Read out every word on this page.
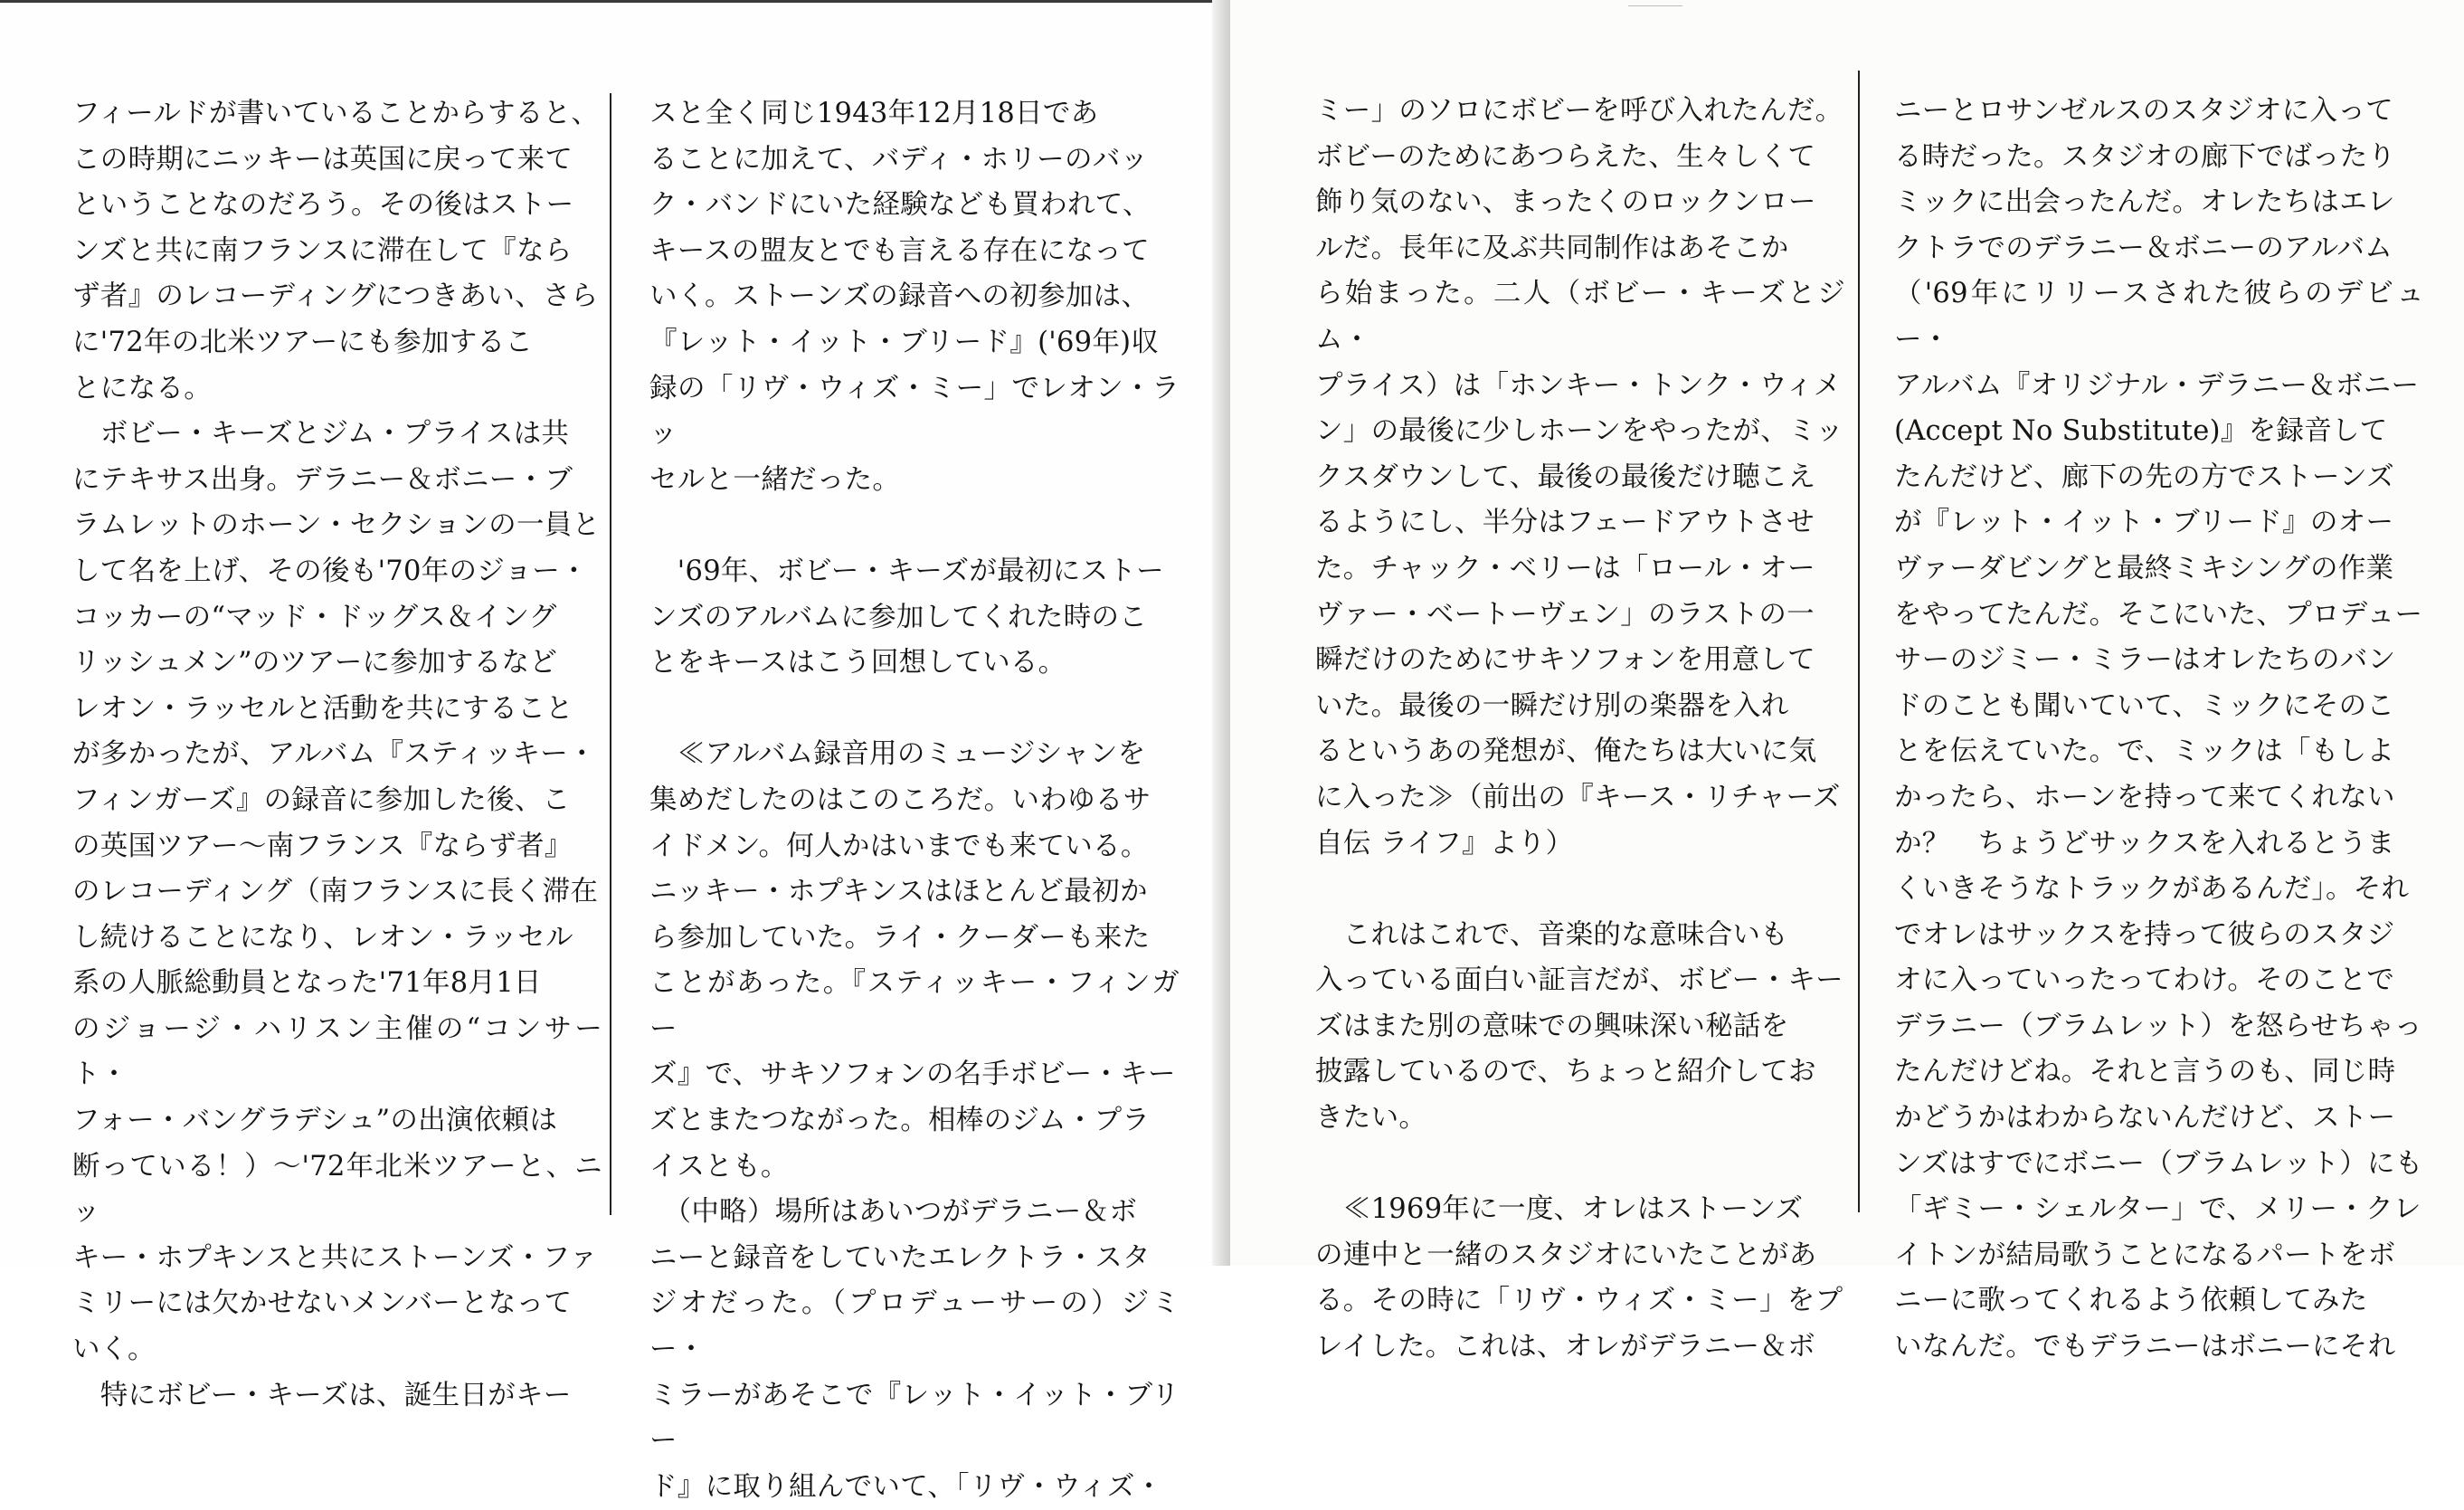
フィールドが書いていることからすると、
この時期にニッキーは英国に戻って来て
ということなのだろう。その後はストー
ンズと共に南フランスに滞在して『なら
ず者』のレコーディングにつきあい、さら
に'72年の北米ツアーにも参加するこ
とになる。

　ボビー・キーズとジム・プライスは共
にテキサス出身。デラニー＆ボニー・ブ
ラムレットのホーン・セクションの一員と
して名を上げ、その後も'70年のジョー・
コッカーの“マッド・ドッグス＆イング
リッシュメン”のツアーに参加するなど
レオン・ラッセルと活動を共にすること
が多かったが、アルバム『スティッキー・
フィンガーズ』の録音に参加した後、こ
の英国ツアー～南フランス『ならず者』
のレコーディング（南フランスに長く滞在
し続けることになり、レオン・ラッセル
系の人脈総動員となった'71年8月1日
のジョージ・ハリスン主催の“コンサート・
フォー・バングラデシュ”の出演依頼は
断っている！）～'72年北米ツアーと、ニッ
キー・ホプキンスと共にストーンズ・ファ
ミリーには欠かせないメンバーとなって
いく。

　特にボビー・キーズは、誕生日がキー

スと全く同じ1943年12月18日であ
ることに加えて、バディ・ホリーのバッ
ク・バンドにいた経験なども買われて、
キースの盟友とでも言える存在になって
いく。ストーンズの録音への初参加は、
『レット・イット・ブリード』('69年)収
録の「リヴ・ウィズ・ミー」でレオン・ラッ
セルと一緒だった。

　'69年、ボビー・キーズが最初にストー
ンズのアルバムに参加してくれた時のこ
とをキースはこう回想している。

　≪アルバム録音用のミュージシャンを
集めだしたのはこのころだ。いわゆるサ
イドメン。何人かはいまでも来ている。
ニッキー・ホプキンスはほとんど最初か
ら参加していた。ライ・クーダーも来た
ことがあった。『スティッキー・フィンガー
ズ』で、サキソフォンの名手ボビー・キー
ズとまたつながった。相棒のジム・プラ
イスとも。

　（中略）場所はあいつがデラニー＆ボ
ニーと録音をしていたエレクトラ・スタ
ジオだった。（プロデューサーの）ジミー・
ミラーがあそこで『レット・イット・ブリー
ド』に取り組んでいて、「リヴ・ウィズ・

ミー」のソロにボビーを呼び入れたんだ。
ボビーのためにあつらえた、生々しくて
飾り気のない、まったくのロックンロー
ルだ。長年に及ぶ共同制作はあそこか
ら始まった。二人（ボビー・キーズとジム・
プライス）は「ホンキー・トンク・ウィメ
ン」の最後に少しホーンをやったが、ミッ
クスダウンして、最後の最後だけ聴こえ
るようにし、半分はフェードアウトさせ
た。チャック・ベリーは「ロール・オー
ヴァー・ベートーヴェン」のラストの一
瞬だけのためにサキソフォンを用意して
いた。最後の一瞬だけ別の楽器を入れ
るというあの発想が、俺たちは大いに気
に入った≫（前出の『キース・リチャーズ
自伝 ライフ』より）

　これはこれで、音楽的な意味合いも
入っている面白い証言だが、ボビー・キー
ズはまた別の意味での興味深い秘話を
披露しているので、ちょっと紹介してお
きたい。

　≪1969年に一度、オレはストーンズ
の連中と一緒のスタジオにいたことがあ
る。その時に「リヴ・ウィズ・ミー」をプ
レイした。これは、オレがデラニー＆ボ

ニーとロサンゼルスのスタジオに入って
る時だった。スタジオの廊下でばったり
ミックに出会ったんだ。オレたちはエレ
クトラでのデラニー＆ボニーのアルバム
（'69年にリリースされた彼らのデビュー・
アルバム『オリジナル・デラニー＆ボニー
(Accept No Substitute)』を録音して
たんだけど、廊下の先の方でストーンズ
が『レット・イット・ブリード』のオー
ヴァーダビングと最終ミキシングの作業
をやってたんだ。そこにいた、プロデュー
サーのジミー・ミラーはオレたちのバン
ドのことも聞いていて、ミックにそのこ
とを伝えていた。で、ミックは「もしよ
かったら、ホーンを持って来てくれない
か？　ちょうどサックスを入れるとうま
くいきそうなトラックがあるんだ」。それ
でオレはサックスを持って彼らのスタジ
オに入っていったってわけ。そのことで
デラニー（ブラムレット）を怒らせちゃっ
たんだけどね。それと言うのも、同じ時
かどうかはわからないんだけど、ストー
ンズはすでにボニー（ブラムレット）にも
「ギミー・シェルター」で、メリー・クレ
イトンが結局歌うことになるパートをボ
ニーに歌ってくれるよう依頼してみた
いなんだ。でもデラニーはボニーにそれ
